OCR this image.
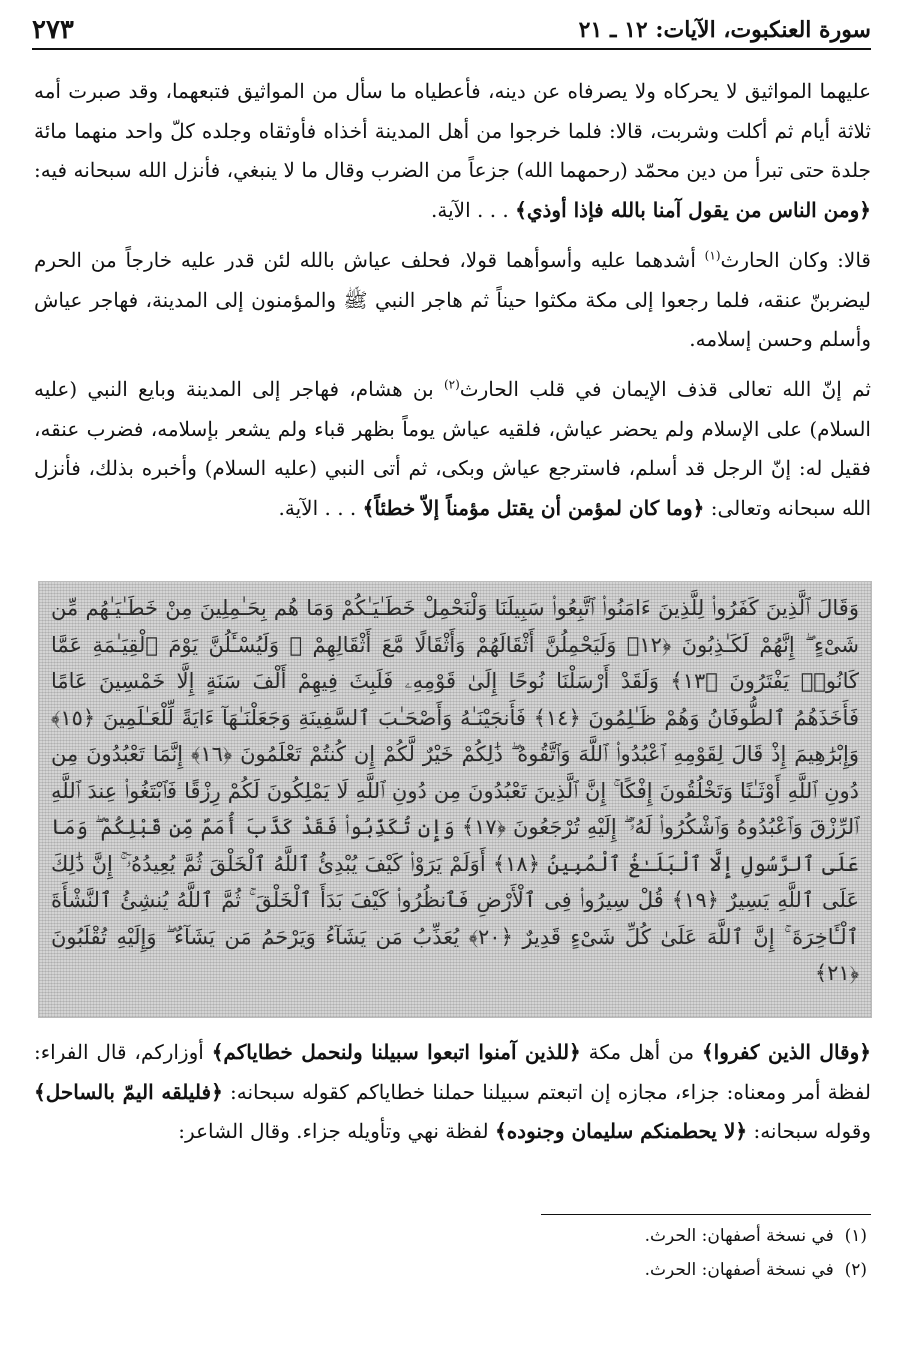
سورة العنكبوت، الآيات: ١٢ ـ ٢١
٢٧٣

عليهما المواثيق لا يحركاه ولا يصرفاه عن دينه، فأعطياه ما سأل من المواثيق فتبعهما، وقد صبرت أمه ثلاثة أيام ثم أكلت وشربت، قالا: فلما خرجوا من أهل المدينة أخذاه فأوثقاه وجلده كلّ واحد منهما مائة جلدة حتى تبرأ من دين محمّد (رحمهما الله) جزعاً من الضرب وقال ما لا ينبغي، فأنزل الله سبحانه فيه: ﴿ومن الناس من يقول آمنا بالله فإذا أوذي﴾ . . . الآية.

قالا: وكان الحارث$^{(١)}$ أشدهما عليه وأسوأهما قولا، فحلف عياش بالله لئن قدر عليه خارجاً من الحرم ليضربنّ عنقه، فلما رجعوا إلى مكة مكثوا حيناً ثم هاجر النبي ﷺ والمؤمنون إلى المدينة، فهاجر عياش وأسلم وحسن إسلامه.

ثم إنّ الله تعالى قذف الإيمان في قلب الحارث$^{(٢)}$ بن هشام، فهاجر إلى المدينة وبايع النبي (عليه السلام) على الإسلام ولم يحضر عياش، فلقيه عياش يوماً بظهر قباء ولم يشعر بإسلامه، فضرب عنقه، فقيل له: إنّ الرجل قد أسلم، فاسترجع عياش وبكى، ثم أتى النبي (عليه السلام) وأخبره بذلك، فأنزل الله سبحانه وتعالى: ﴿وما كان لمؤمن أن يقتل مؤمناً إلاّ خطئاً﴾ . . . الآية.

وَقَالَ ٱلَّذِينَ كَفَرُوا۟ لِلَّذِينَ ءَامَنُوا۟ ٱتَّبِعُوا۟ سَبِيلَنَا وَلْنَحْمِلْ خَطَـٰيَـٰكُمْ وَمَا هُم بِحَـٰمِلِينَ مِنْ خَطَـٰيَـٰهُم مِّن شَىْءٍ ۖ إِنَّهُمْ لَكَـٰذِبُونَ ﴿١٢﴾ وَلَيَحْمِلُنَّ أَثْقَالَهُمْ وَأَثْقَالًا مَّعَ أَثْقَالِهِمْ ۖ وَلَيُسْـَٔلُنَّ يَوْمَ ٱلْقِيَـٰمَةِ عَمَّا كَانُوا۟ يَفْتَرُونَ ﴿١٣﴾ وَلَقَدْ أَرْسَلْنَا نُوحًا إِلَىٰ قَوْمِهِۦ فَلَبِثَ فِيهِمْ أَلْفَ سَنَةٍ إِلَّا خَمْسِينَ عَامًا فَأَخَذَهُمُ ٱلطُّوفَانُ وَهُمْ ظَـٰلِمُونَ ﴿١٤﴾ فَأَنجَيْنَـٰهُ وَأَصْحَـٰبَ ٱلسَّفِينَةِ وَجَعَلْنَـٰهَآ ءَايَةً لِّلْعَـٰلَمِينَ ﴿١٥﴾ وَإِبْرَٰهِيمَ إِذْ قَالَ لِقَوْمِهِ ٱعْبُدُوا۟ ٱللَّهَ وَٱتَّقُوهُ ۖ ذَٰلِكُمْ خَيْرٌ لَّكُمْ إِن كُنتُمْ تَعْلَمُونَ ﴿١٦﴾ إِنَّمَا تَعْبُدُونَ مِن دُونِ ٱللَّهِ أَوْثَـٰنًا وَتَخْلُقُونَ إِفْكًا ۚ إِنَّ ٱلَّذِينَ تَعْبُدُونَ مِن دُونِ ٱللَّهِ لَا يَمْلِكُونَ لَكُمْ رِزْقًا فَٱبْتَغُوا۟ عِندَ ٱللَّهِ ٱلرِّزْقَ وَٱعْبُدُوهُ وَٱشْكُرُوا۟ لَهُۥٓ ۖ إِلَيْهِ تُرْجَعُونَ ﴿١٧﴾ وَإِن تُكَذِّبُوا۟ فَقَدْ كَذَّبَ أُمَمٌ مِّن قَبْلِكُمْ ۖ وَمَا عَلَى ٱلرَّسُولِ إِلَّا ٱلْبَلَـٰغُ ٱلْمُبِينُ ﴿١٨﴾ أَوَلَمْ يَرَوْا۟ كَيْفَ يُبْدِئُ ٱللَّهُ ٱلْخَلْقَ ثُمَّ يُعِيدُهُۥٓ ۚ إِنَّ ذَٰلِكَ عَلَى ٱللَّهِ يَسِيرٌ ﴿١٩﴾ قُلْ سِيرُوا۟ فِى ٱلْأَرْضِ فَٱنظُرُوا۟ كَيْفَ بَدَأَ ٱلْخَلْقَ ۚ ثُمَّ ٱللَّهُ يُنشِئُ ٱلنَّشْأَةَ ٱلْـَٔاخِرَةَ ۚ إِنَّ ٱللَّهَ عَلَىٰ كُلِّ شَىْءٍ قَدِيرٌ ﴿٢٠﴾ يُعَذِّبُ مَن يَشَآءُ وَيَرْحَمُ مَن يَشَآءُ ۖ وَإِلَيْهِ تُقْلَبُونَ ﴿٢١﴾

﴿وقال الذين كفروا﴾ من أهل مكة ﴿للذين آمنوا اتبعوا سبيلنا ولنحمل خطاياكم﴾ أوزاركم، قال الفراء: لفظة أمر ومعناه: جزاء، مجازه إن اتبعتم سبيلنا حملنا خطاياكم كقوله سبحانه: ﴿فليلقه اليمّ بالساحل﴾ وقوله سبحانه: ﴿لا يحطمنكم سليمان وجنوده﴾ لفظة نهي وتأويله جزاء. وقال الشاعر:

(١)  في نسخة أصفهان: الحرث.

(٢)  في نسخة أصفهان: الحرث.
